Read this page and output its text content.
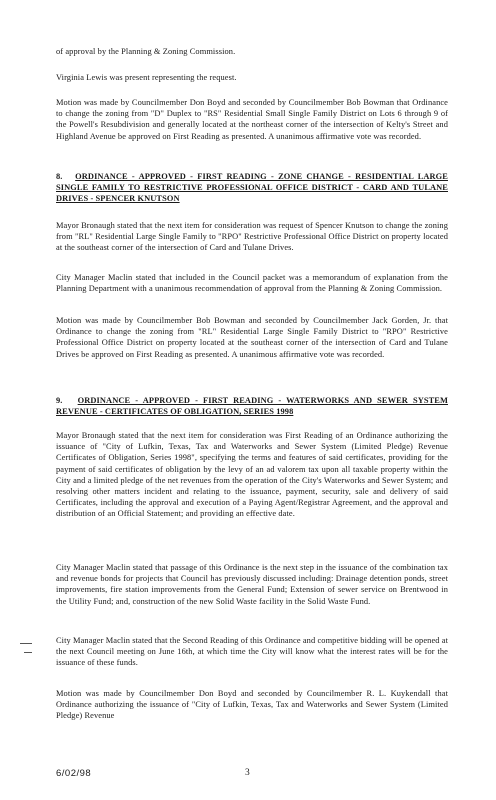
of approval by the Planning & Zoning Commission.

Virginia Lewis was present representing the request.

Motion was made by Councilmember Don Boyd and seconded by Councilmember Bob Bowman that Ordinance to change the zoning from "D" Duplex to "RS" Residential Small Single Family District on Lots 6 through 9 of the Powell's Resubdivision and generally located at the northeast corner of the intersection of Kelty's Street and Highland Avenue be approved on First Reading as presented. A unanimous affirmative vote was recorded.

8. ORDINANCE - APPROVED - FIRST READING - ZONE CHANGE - RESIDENTIAL LARGE SINGLE FAMILY TO RESTRICTIVE PROFESSIONAL OFFICE DISTRICT - CARD AND TULANE DRIVES - SPENCER KNUTSON

Mayor Bronaugh stated that the next item for consideration was request of Spencer Knutson to change the zoning from "RL" Residential Large Single Family to "RPO" Restrictive Professional Office District on property located at the southeast corner of the intersection of Card and Tulane Drives.

City Manager Maclin stated that included in the Council packet was a memorandum of explanation from the Planning Department with a unanimous recommendation of approval from the Planning & Zoning Commission.

Motion was made by Councilmember Bob Bowman and seconded by Councilmember Jack Gorden, Jr. that Ordinance to change the zoning from "RL" Residential Large Single Family District to "RPO" Restrictive Professional Office District on property located at the southeast corner of the intersection of Card and Tulane Drives be approved on First Reading as presented. A unanimous affirmative vote was recorded.

9. ORDINANCE - APPROVED - FIRST READING - WATERWORKS AND SEWER SYSTEM REVENUE - CERTIFICATES OF OBLIGATION, SERIES 1998

Mayor Bronaugh stated that the next item for consideration was First Reading of an Ordinance authorizing the issuance of "City of Lufkin, Texas, Tax and Waterworks and Sewer System (Limited Pledge) Revenue Certificates of Obligation, Series 1998", specifying the terms and features of said certificates, providing for the payment of said certificates of obligation by the levy of an ad valorem tax upon all taxable property within the City and a limited pledge of the net revenues from the operation of the City's Waterworks and Sewer System; and resolving other matters incident and relating to the issuance, payment, security, sale and delivery of said Certificates, including the approval and execution of a Paying Agent/Registrar Agreement, and the approval and distribution of an Official Statement; and providing an effective date.

City Manager Maclin stated that passage of this Ordinance is the next step in the issuance of the combination tax and revenue bonds for projects that Council has previously discussed including: Drainage detention ponds, street improvements, fire station improvements from the General Fund; Extension of sewer service on Brentwood in the Utility Fund; and, construction of the new Solid Waste facility in the Solid Waste Fund.

City Manager Maclin stated that the Second Reading of this Ordinance and competitive bidding will be opened at the next Council meeting on June 16th, at which time the City will know what the interest rates will be for the issuance of these funds.

Motion was made by Councilmember Don Boyd and seconded by Councilmember R. L. Kuykendall that Ordinance authorizing the issuance of "City of Lufkin, Texas, Tax and Waterworks and Sewer System (Limited Pledge) Revenue

6/02/98	3
